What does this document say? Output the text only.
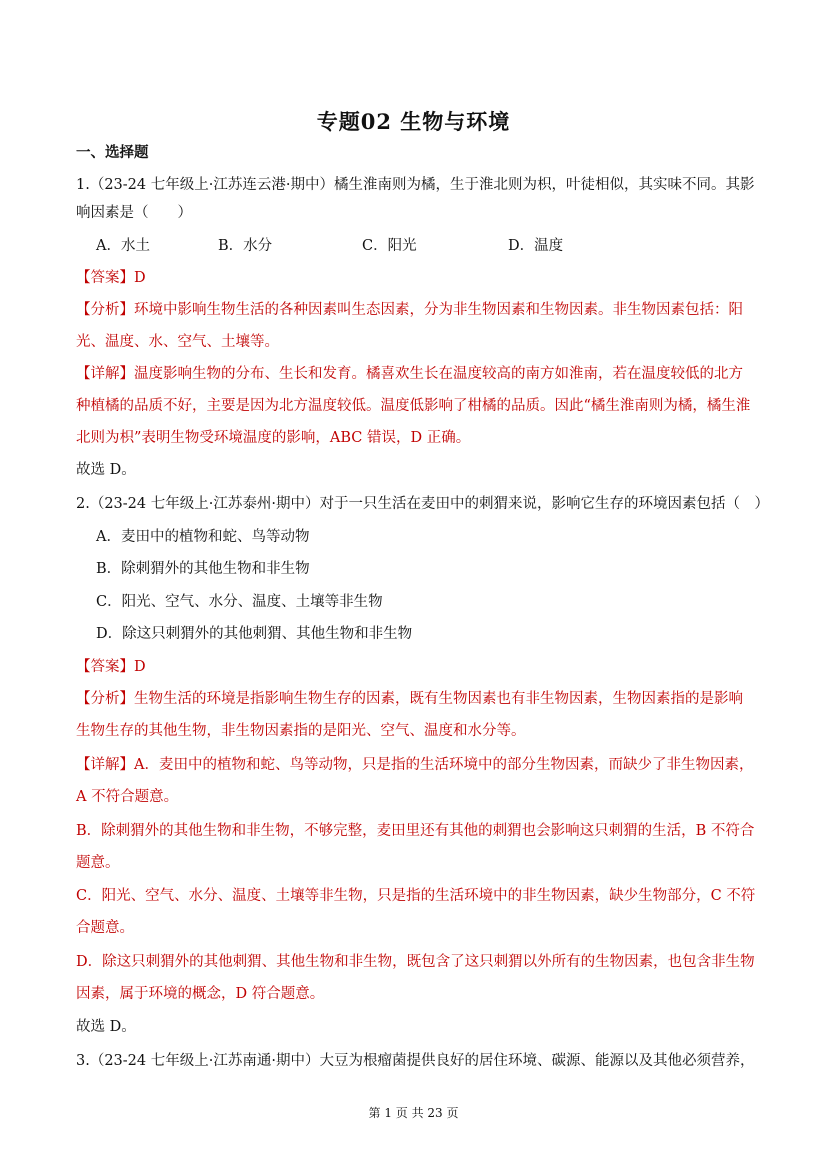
专题02 生物与环境
一、选择题
1.（23-24 七年级上·江苏连云港·期中）橘生淮南则为橘，生于淮北则为枳，叶徒相似，其实味不同。其影
响因素是（　　）
A．水土	B．水分	C．阳光	D．温度
【答案】D
【分析】环境中影响生物生活的各种因素叫生态因素，分为非生物因素和生物因素。非生物因素包括：阳
光、温度、水、空气、土壤等。
【详解】温度影响生物的分布、生长和发育。橘喜欢生长在温度较高的南方如淮南，若在温度较低的北方
种植橘的品质不好，主要是因为北方温度较低。温度低影响了柑橘的品质。因此“橘生淮南则为橘，橘生淮
北则为枳”表明生物受环境温度的影响，ABC 错误，D 正确。
故选 D。
2.（23-24 七年级上·江苏泰州·期中）对于一只生活在麦田中的刺猬来说，影响它生存的环境因素包括（　）
A．麦田中的植物和蛇、鸟等动物
B．除刺猬外的其他生物和非生物
C．阳光、空气、水分、温度、土壤等非生物
D．除这只刺猬外的其他刺猬、其他生物和非生物
【答案】D
【分析】生物生活的环境是指影响生物生存的因素，既有生物因素也有非生物因素，生物因素指的是影响
生物生存的其他生物，非生物因素指的是阳光、空气、温度和水分等。
【详解】A．麦田中的植物和蛇、鸟等动物，只是指的生活环境中的部分生物因素，而缺少了非生物因素，
A 不符合题意。
B．除刺猬外的其他生物和非生物，不够完整，麦田里还有其他的刺猬也会影响这只刺猬的生活，B 不符合
题意。
C．阳光、空气、水分、温度、土壤等非生物，只是指的生活环境中的非生物因素，缺少生物部分，C 不符
合题意。
D．除这只刺猬外的其他刺猬、其他生物和非生物，既包含了这只刺猬以外所有的生物因素，也包含非生物
因素，属于环境的概念，D 符合题意。
故选 D。
3.（23-24 七年级上·江苏南通·期中）大豆为根瘤菌提供良好的居住环境、碳源、能源以及其他必须营养，
第 1 页 共 23 页
